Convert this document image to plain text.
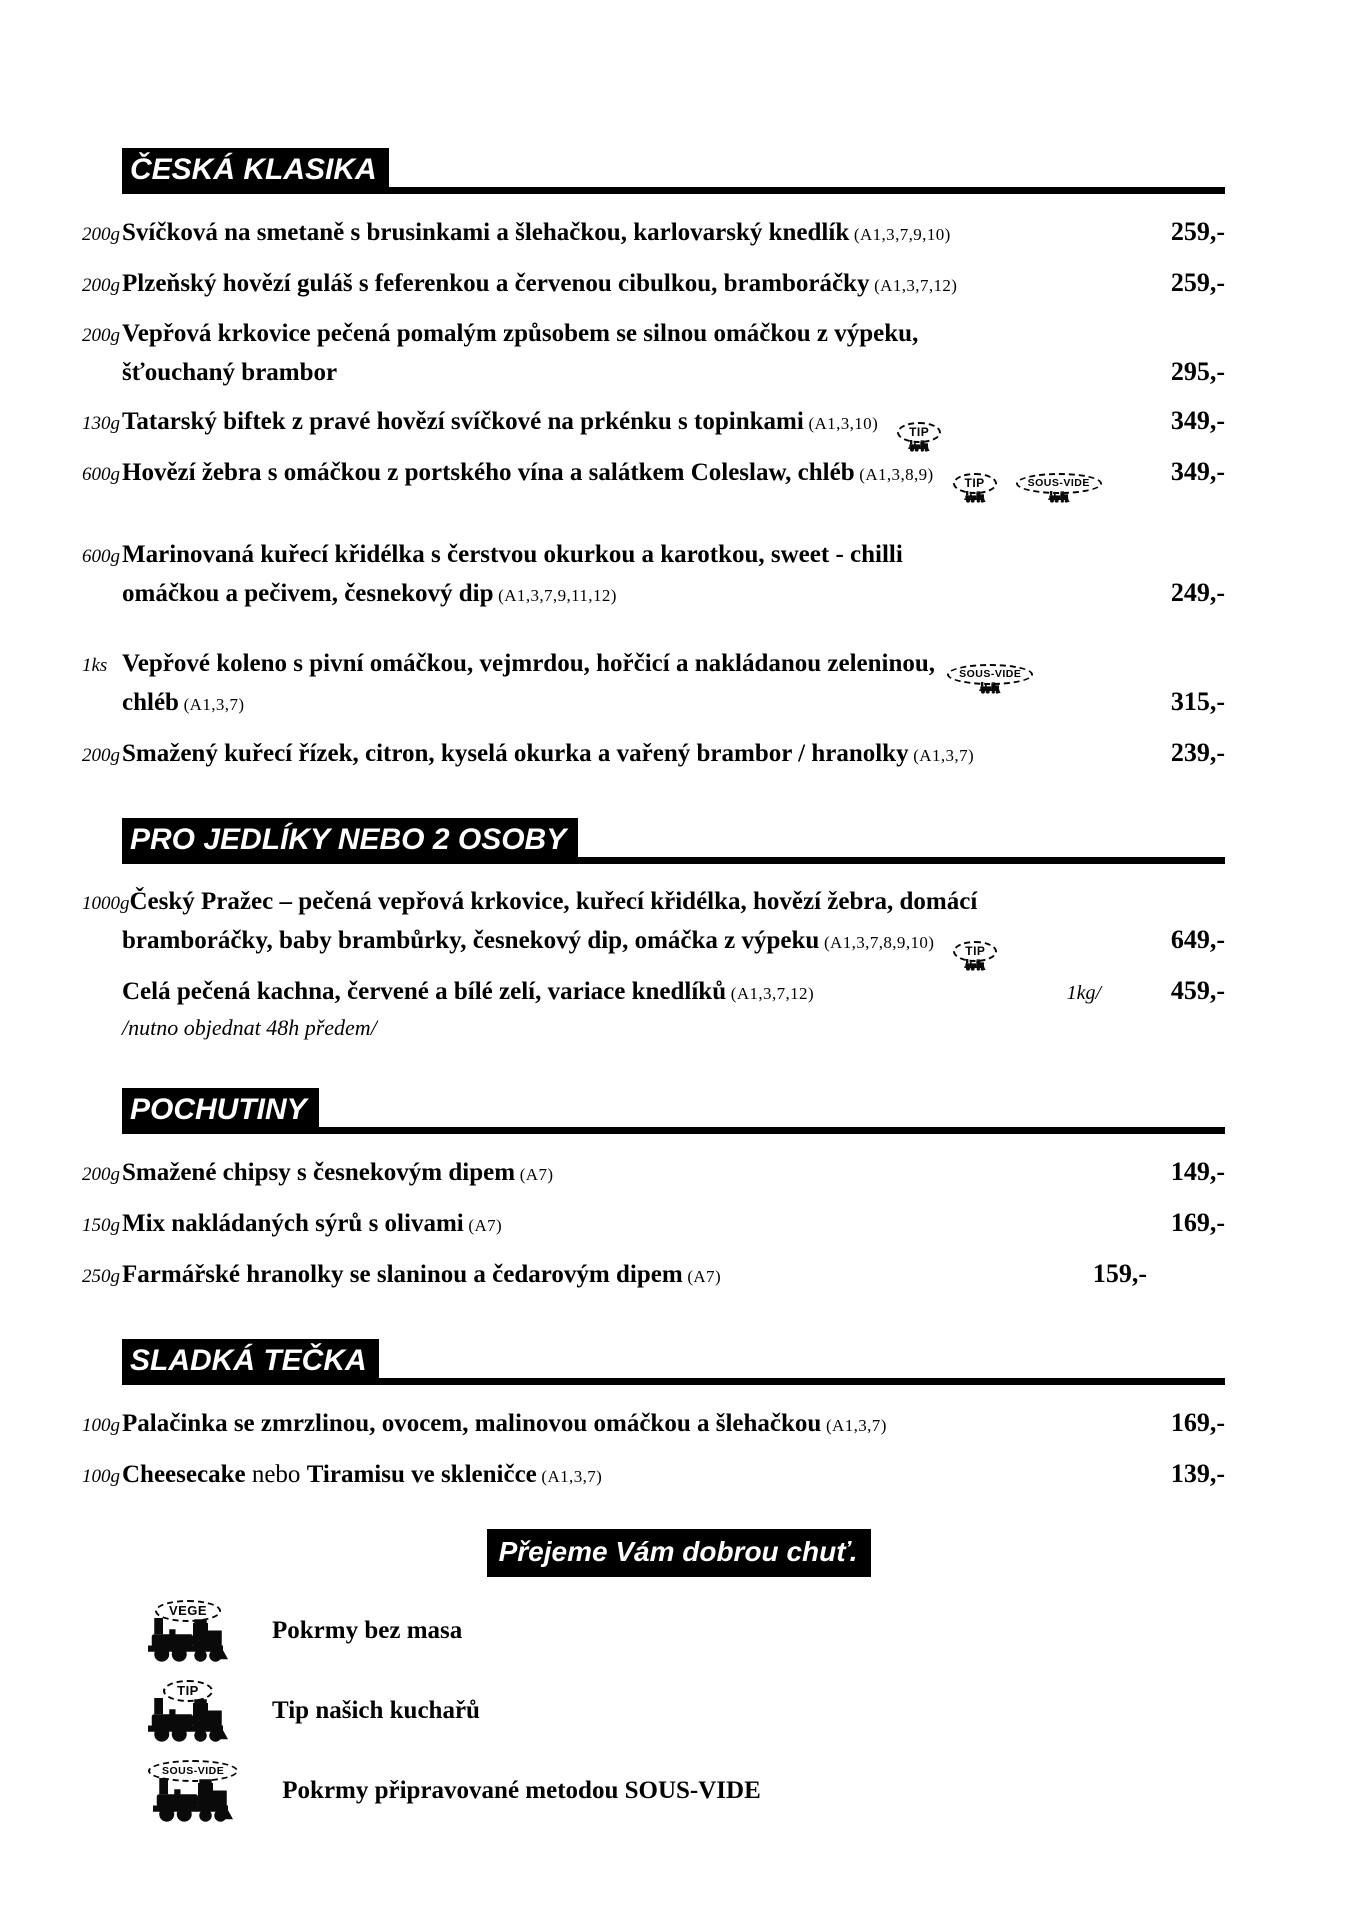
ČESKÁ KLASIKA
200g Svíčková na smetaně s brusinkami a šlehačkou, karlovarský knedlík (A1,3,7,9,10)	259,-
200g Plzeňský hovězí guláš s feferenkou a červenou cibulkou, bramboráčky (A1,3,7,12)	259,-
200g Vepřová krkovice pečená pomalým způsobem se silnou omáčkou z výpeku,
šťouchaný brambor	295,-
130g Tatarský biftek z pravé hovězí svíčkové na prkénku s topinkami (A1,3,10)	TIP	349,-
600g Hovězí žebra s omáčkou z portského vína a salátkem Coleslaw, chléb (A1,3,8,9)	TIP	SOUS-VIDE	349,-
600g Marinovaná kuřecí křidélka s čerstvou okurkou a karotkou, sweet - chilli
omáčkou a pečivem, česnekový dip (A1,3,7,9,11,12)	249,-
1ks Vepřové koleno s pivní omáčkou, vejmrdou, hořčicí a nakládanou zeleninou,	SOUS-VIDE
chléb (A1,3,7)	315,-
200g Smažený kuřecí řízek, citron, kyselá okurka a vařený brambor / hranolky (A1,3,7)	239,-
PRO JEDLÍKY NEBO 2 OSOBY
1000g Český Pražec – pečená vepřová krkovice, kuřecí křidélka, hovězí žebra, domácí
bramboráčky, baby brambůrky, česnekový dip, omáčka z výpeku (A1,3,7,8,9,10)	TIP	649,-
Celá pečená kachna, červené a bílé zelí, variace knedlíků (A1,3,7,12)	1kg/	459,-
/nutno objednat 48h předem/
POCHUTINY
200g Smažené chipsy s česnekovým dipem (A7)	149,-
150g Mix nakládaných sýrů s olivami (A7)	169,-
250g Farmářské hranolky se slaninou a čedarovým dipem (A7)	159,-
SLADKÁ TEČKA
100g Palačinka se zmrzlinou, ovocem, malinovou omáčkou a šlehačkou (A1,3,7)	169,-
100g Cheesecake nebo Tiramisu ve skleničce (A1,3,7)	139,-
Přejeme Vám dobrou chuť.
VEGE
Pokrmy bez masa
TIP
Tip našich kuchařů
SOUS-VIDE
Pokrmy připravované metodou SOUS-VIDE
